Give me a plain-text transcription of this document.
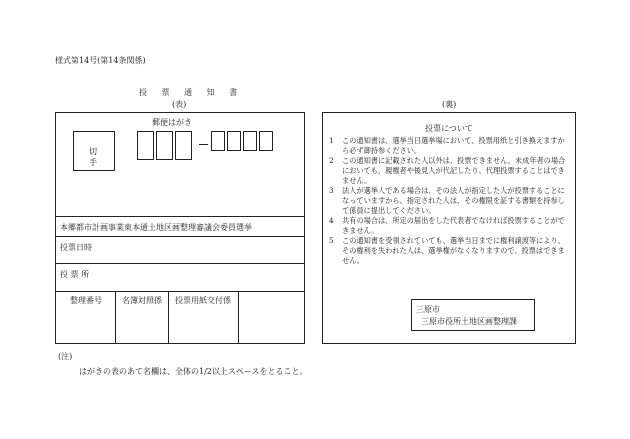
様式第14号(第14条関係)
投 票 通 知 書
(表)	(裏)
郵便はがき
切 手
本郷都市計画事業東本通土地区画整理審議会委員選挙
投票日時
投 票 所
整理番号	名簿対照係 投票用紙交付係
(注)
はがきの表のあて名欄は、全体の1/2以上スペースをとること。
投票について
1	この通知書は、選挙当日選挙場において、投票用紙と引き換えますから必ず御持参ください。
2	この通知書に記載された人以外は、投票できません。未成年者の場合においても、親権者や後見人が代記したり、代理投票することはできません。
3	法人が選挙人である場合は、その法人が指定した人が投票することになっていますから、指定された人は、その権限を証する書類を持参して係員に提出してください。
4	共有の場合は、所定の届出をした代表者でなければ投票することができません。
5	この通知書を受領されていても、選挙当日までに権利譲渡等により、その権利を失われた人は、選挙権がなくなりますので、投票はできません。
三原市
三原市役所土地区画整理課
